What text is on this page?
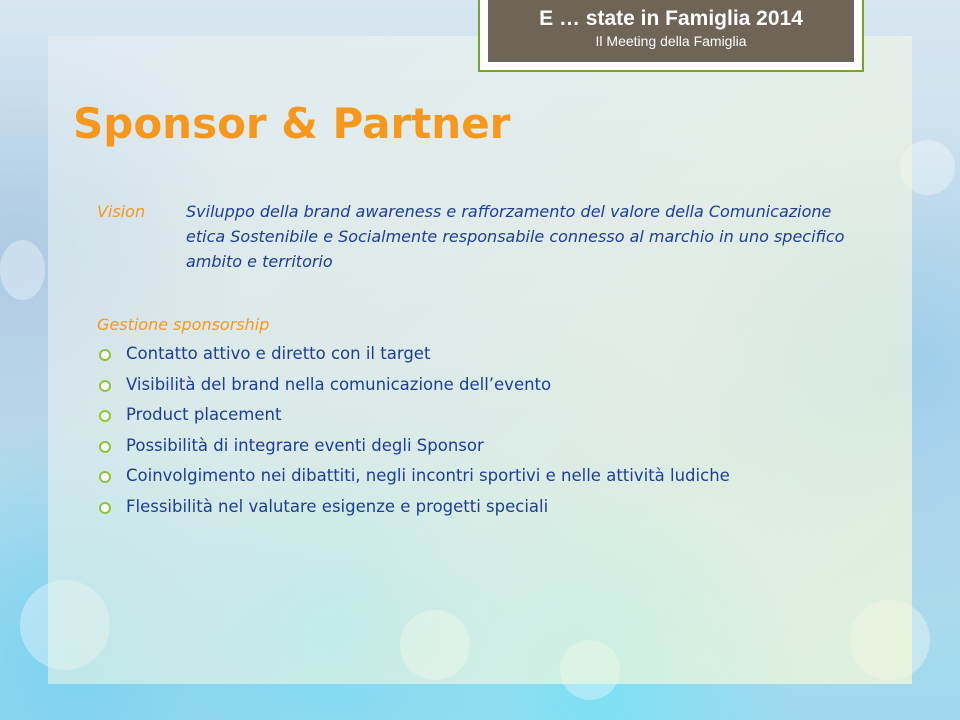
E … state in Famiglia 2014
Il Meeting della Famiglia
Sponsor & Partner
Vision	Sviluppo della brand awareness e rafforzamento del valore della Comunicazione etica Sostenibile e Socialmente responsabile connesso al marchio in uno specifico ambito e territorio
Gestione sponsorship
Contatto attivo e diretto con il target
Visibilità del brand nella comunicazione dell’evento
Product placement
Possibilità di integrare eventi degli Sponsor
Coinvolgimento nei dibattiti, negli incontri sportivi e nelle attività ludiche
Flessibilità nel valutare esigenze e progetti speciali
